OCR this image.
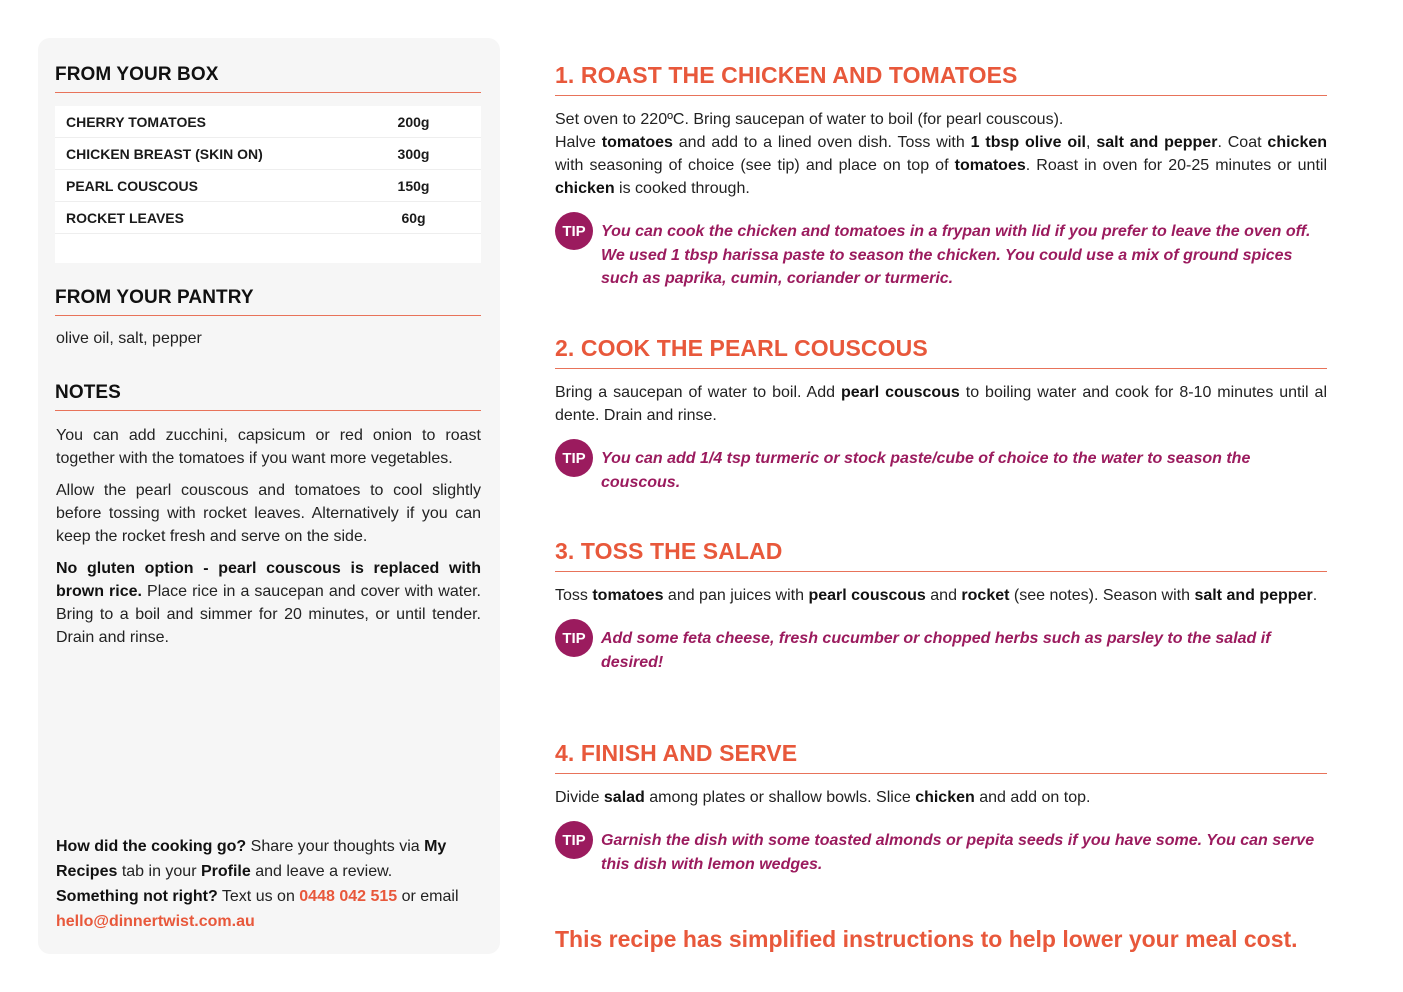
FROM YOUR BOX
CHERRY TOMATOES	200g
CHICKEN BREAST (SKIN ON)	300g
PEARL COUSCOUS	150g
ROCKET LEAVES	60g
FROM YOUR PANTRY
olive oil, salt, pepper
NOTES

You can add zucchini, capsicum or red onion to roast together with the tomatoes if you want more vegetables.

Allow the pearl couscous and tomatoes to cool slightly before tossing with rocket leaves. Alternatively if you can keep the rocket fresh and serve on the side.

No gluten option - pearl couscous is replaced with brown rice. Place rice in a saucepan and cover with water. Bring to a boil and simmer for 20 minutes, or until tender. Drain and rinse.

How did the cooking go? Share your thoughts via My Recipes tab in your Profile and leave a review.
Something not right? Text us on 0448 042 515 or email hello@dinnertwist.com.au
1. ROAST THE CHICKEN AND TOMATOES
Set oven to 220ºC. Bring saucepan of water to boil (for pearl couscous).
Halve tomatoes and add to a lined oven dish. Toss with 1 tbsp olive oil, salt and pepper. Coat chicken with seasoning of choice (see tip) and place on top of tomatoes. Roast in oven for 20-25 minutes or until chicken is cooked through.
TIP You can cook the chicken and tomatoes in a frypan with lid if you prefer to leave the oven off. We used 1 tbsp harissa paste to season the chicken. You could use a mix of ground spices such as paprika, cumin, coriander or turmeric.
2. COOK THE PEARL COUSCOUS
Bring a saucepan of water to boil. Add pearl couscous to boiling water and cook for 8-10 minutes until al dente. Drain and rinse.
TIP You can add 1/4 tsp turmeric or stock paste/cube of choice to the water to season the couscous.
3. TOSS THE SALAD
Toss tomatoes and pan juices with pearl couscous and rocket (see notes). Season with salt and pepper.
TIP Add some feta cheese, fresh cucumber or chopped herbs such as parsley to the salad if desired!
4. FINISH AND SERVE
Divide salad among plates or shallow bowls. Slice chicken and add on top.
TIP Garnish the dish with some toasted almonds or pepita seeds if you have some. You can serve this dish with lemon wedges.
This recipe has simplified instructions to help lower your meal cost.
